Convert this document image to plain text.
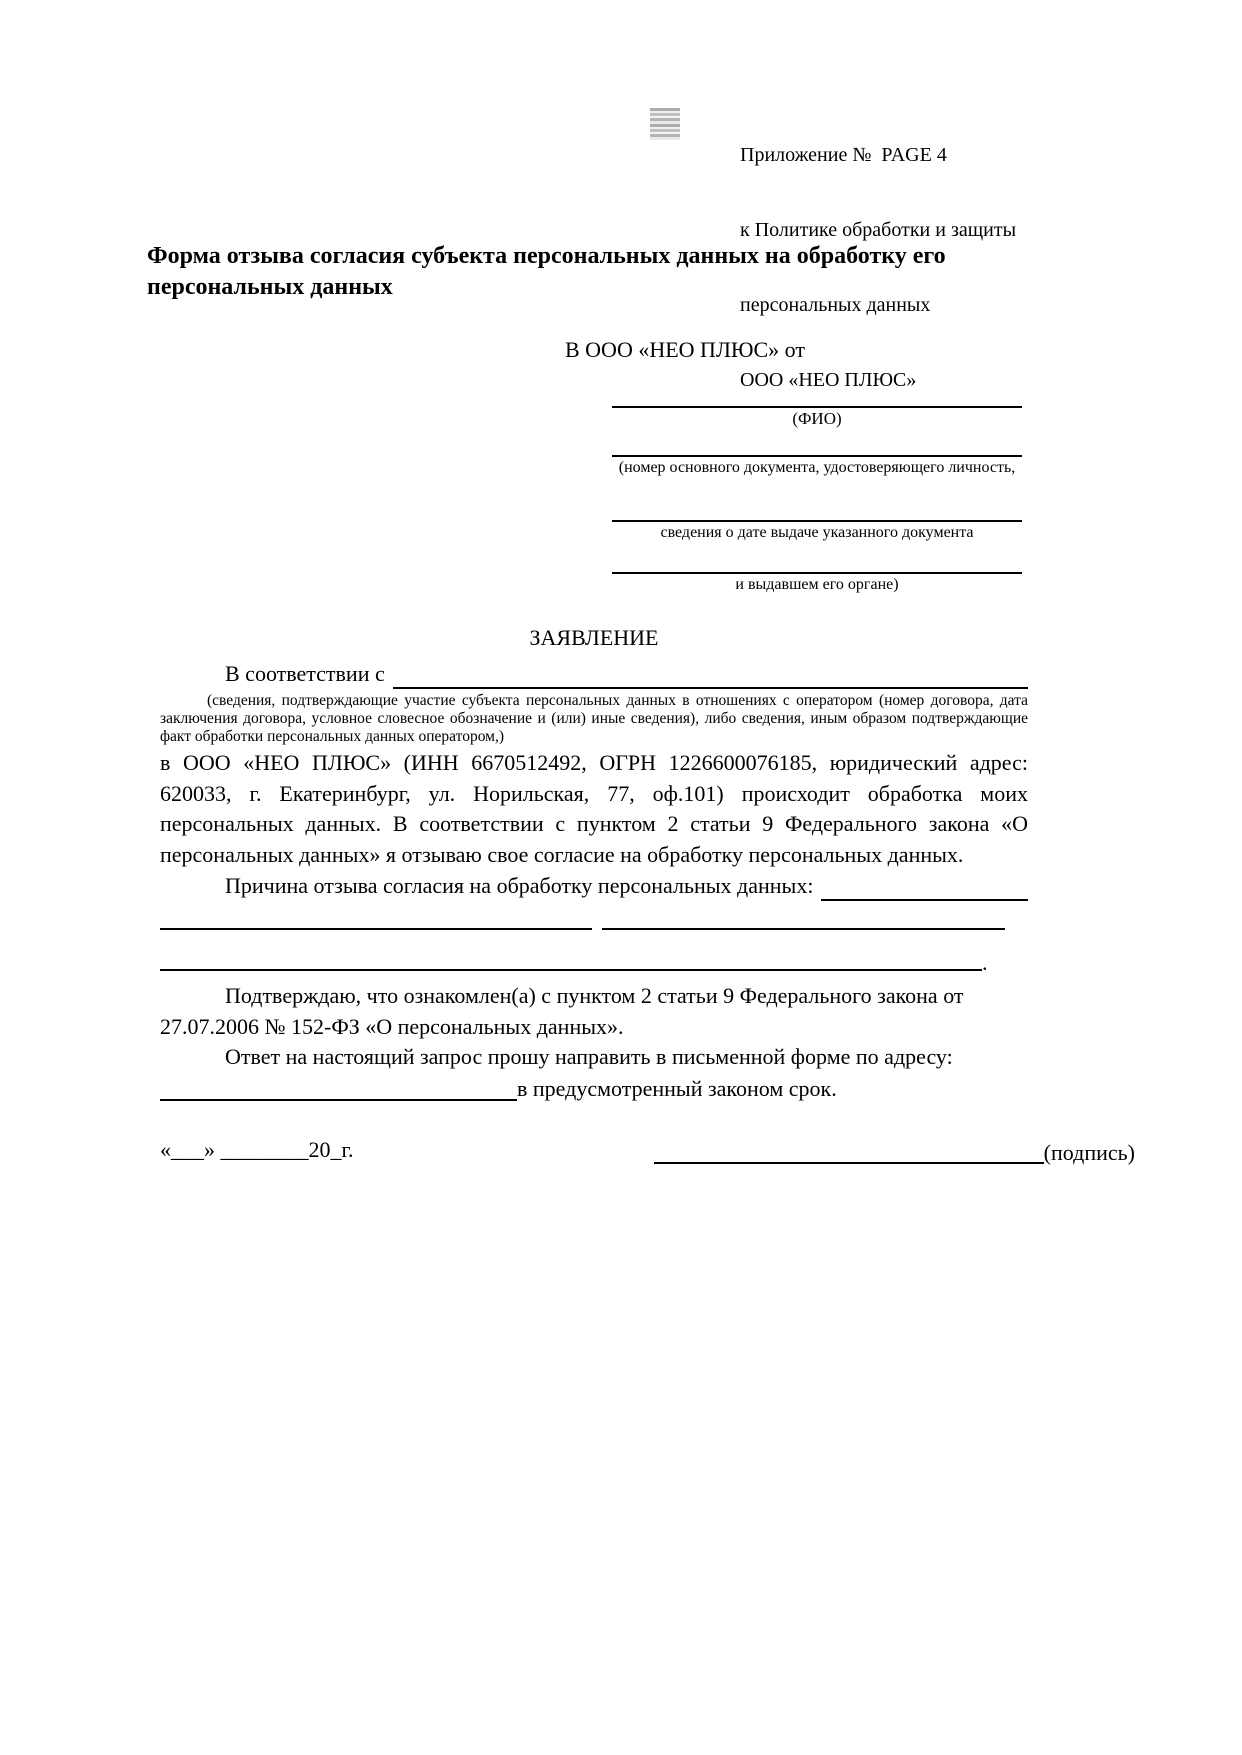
Приложение №  PAGE 4

к Политике обработки и защиты

персональных данных

ООО «НЕО ПЛЮС»

Форма отзыва согласия субъекта персональных данных на обработку его персональных данных
В ООО «НЕО ПЛЮС» от
(ФИО)
(номер основного документа, удостоверяющего личность,
сведения о дате выдаче указанного документа
и выдавшем его органе)
ЗАЯВЛЕНИЕ
В соответствии с
(сведения, подтверждающие участие субъекта персональных данных в отношениях с оператором (номер договора, дата заключения договора, условное словесное обозначение и (или) иные сведения), либо сведения, иным образом подтверждающие факт обработки персональных данных оператором,)
в ООО «НЕО ПЛЮС» (ИНН 6670512492, ОГРН 1226600076185, юридический адрес: 620033, г. Екатеринбург, ул. Норильская, 77, оф.101) происходит обработка моих персональных данных. В соответствии с пунктом 2 статьи 9 Федерального закона «О персональных данных» я отзываю свое согласие на обработку персональных данных.
Причина отзыва согласия на обработку персональных данных:
.
Подтверждаю, что ознакомлен(а) с пунктом 2 статьи 9 Федерального закона от 27.07.2006 № 152-ФЗ «О персональных данных».
Ответ на настоящий запрос прошу направить в письменной форме по адресу:
в предусмотренный законом срок.
«___» ________20_г.	(подпись)
